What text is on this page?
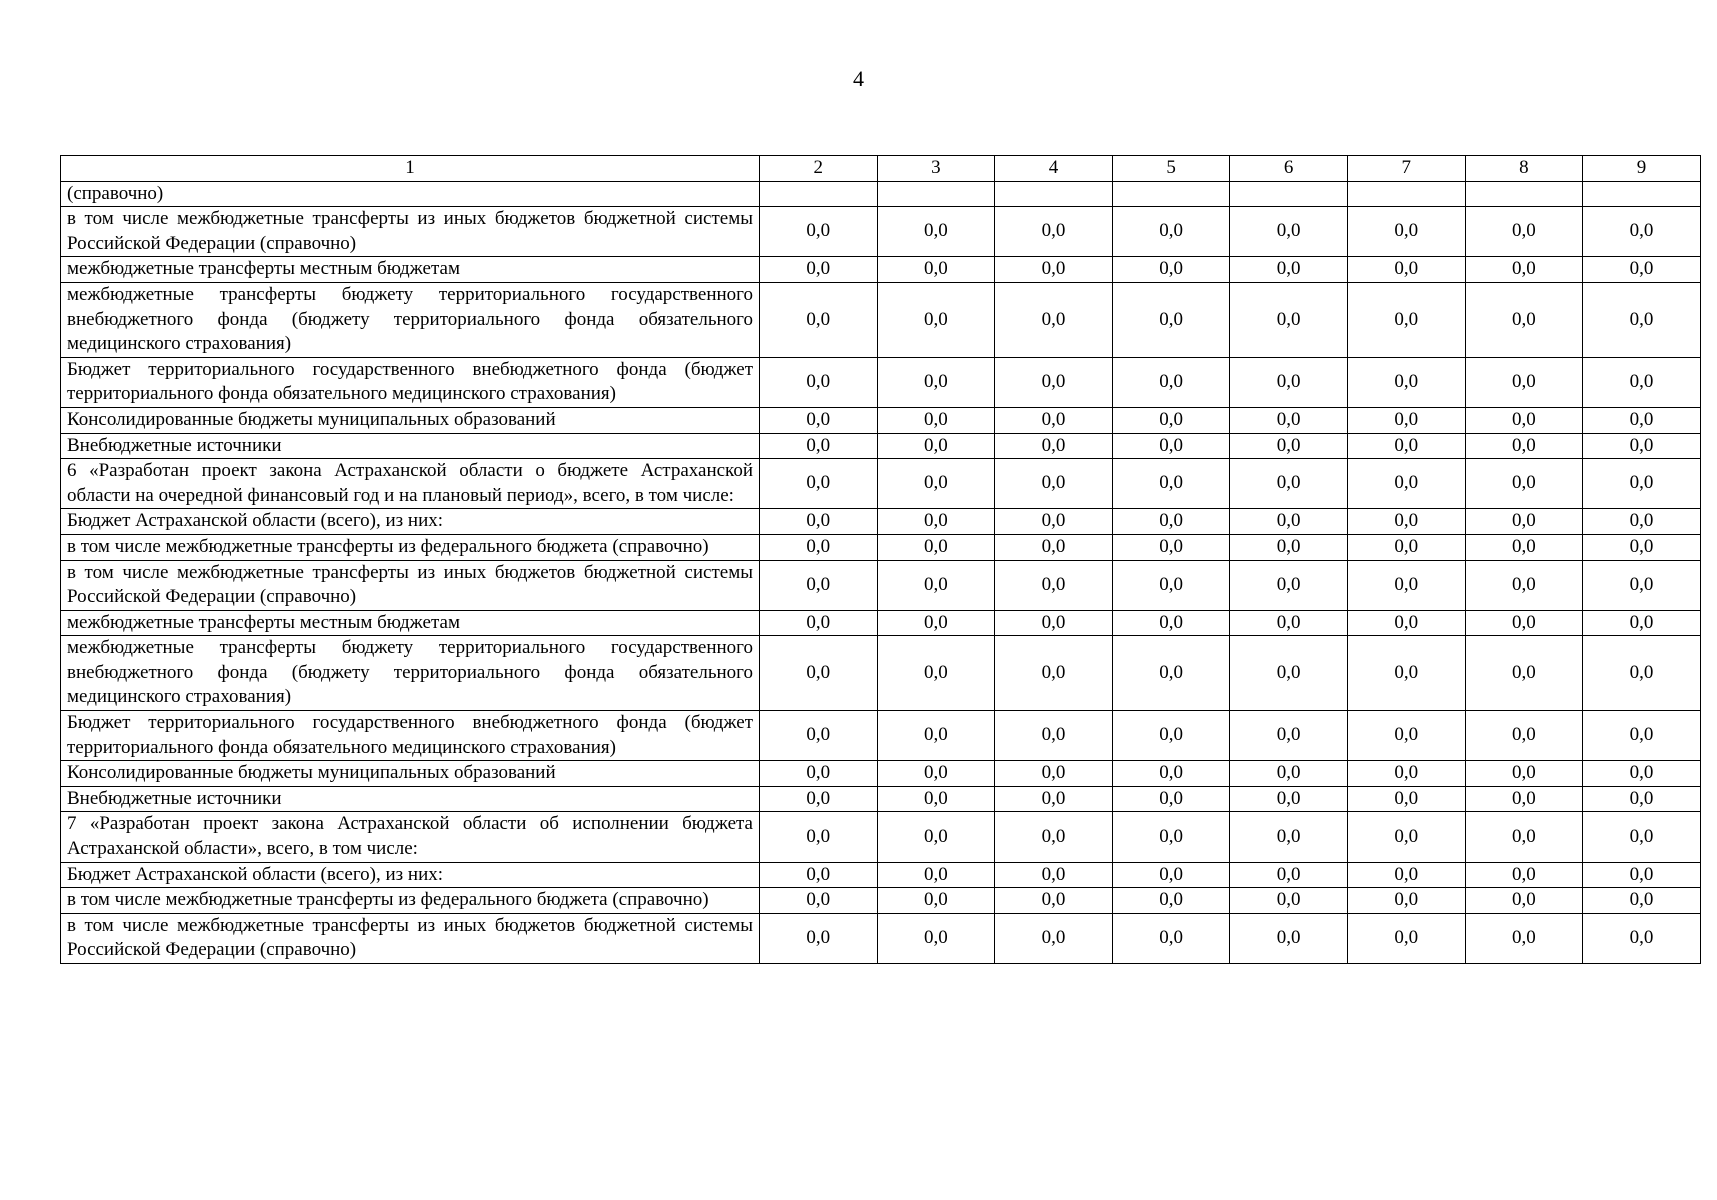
4
1	2	3	4	5	6	7	8	9
(справочно)								
в том числе межбюджетные трансферты из иных бюджетов бюджетной системы Российской Федерации (справочно)	0,0	0,0	0,0	0,0	0,0	0,0	0,0	0,0
межбюджетные трансферты местным бюджетам	0,0	0,0	0,0	0,0	0,0	0,0	0,0	0,0
межбюджетные трансферты бюджету территориального государственного внебюджетного фонда (бюджету территориального фонда обязательного медицинского страхования)	0,0	0,0	0,0	0,0	0,0	0,0	0,0	0,0
Бюджет территориального государственного внебюджетного фонда (бюджет территориального фонда обязательного медицинского страхования)	0,0	0,0	0,0	0,0	0,0	0,0	0,0	0,0
Консолидированные бюджеты муниципальных образований	0,0	0,0	0,0	0,0	0,0	0,0	0,0	0,0
Внебюджетные источники	0,0	0,0	0,0	0,0	0,0	0,0	0,0	0,0
6 «Разработан проект закона Астраханской области о бюджете Астраханской области на очередной финансовый год и на плановый период», всего, в том числе:	0,0	0,0	0,0	0,0	0,0	0,0	0,0	0,0
Бюджет Астраханской области (всего), из них:	0,0	0,0	0,0	0,0	0,0	0,0	0,0	0,0
в том числе межбюджетные трансферты из федерального бюджета (справочно)	0,0	0,0	0,0	0,0	0,0	0,0	0,0	0,0
в том числе межбюджетные трансферты из иных бюджетов бюджетной системы Российской Федерации (справочно)	0,0	0,0	0,0	0,0	0,0	0,0	0,0	0,0
межбюджетные трансферты местным бюджетам	0,0	0,0	0,0	0,0	0,0	0,0	0,0	0,0
межбюджетные трансферты бюджету территориального государственного внебюджетного фонда (бюджету территориального фонда обязательного медицинского страхования)	0,0	0,0	0,0	0,0	0,0	0,0	0,0	0,0
Бюджет территориального государственного внебюджетного фонда (бюджет территориального фонда обязательного медицинского страхования)	0,0	0,0	0,0	0,0	0,0	0,0	0,0	0,0
Консолидированные бюджеты муниципальных образований	0,0	0,0	0,0	0,0	0,0	0,0	0,0	0,0
Внебюджетные источники	0,0	0,0	0,0	0,0	0,0	0,0	0,0	0,0
7 «Разработан проект закона Астраханской области об исполнении бюджета Астраханской области», всего, в том числе:	0,0	0,0	0,0	0,0	0,0	0,0	0,0	0,0
Бюджет Астраханской области (всего), из них:	0,0	0,0	0,0	0,0	0,0	0,0	0,0	0,0
в том числе межбюджетные трансферты из федерального бюджета (справочно)	0,0	0,0	0,0	0,0	0,0	0,0	0,0	0,0
в том числе межбюджетные трансферты из иных бюджетов бюджетной системы Российской Федерации (справочно)	0,0	0,0	0,0	0,0	0,0	0,0	0,0	0,0
